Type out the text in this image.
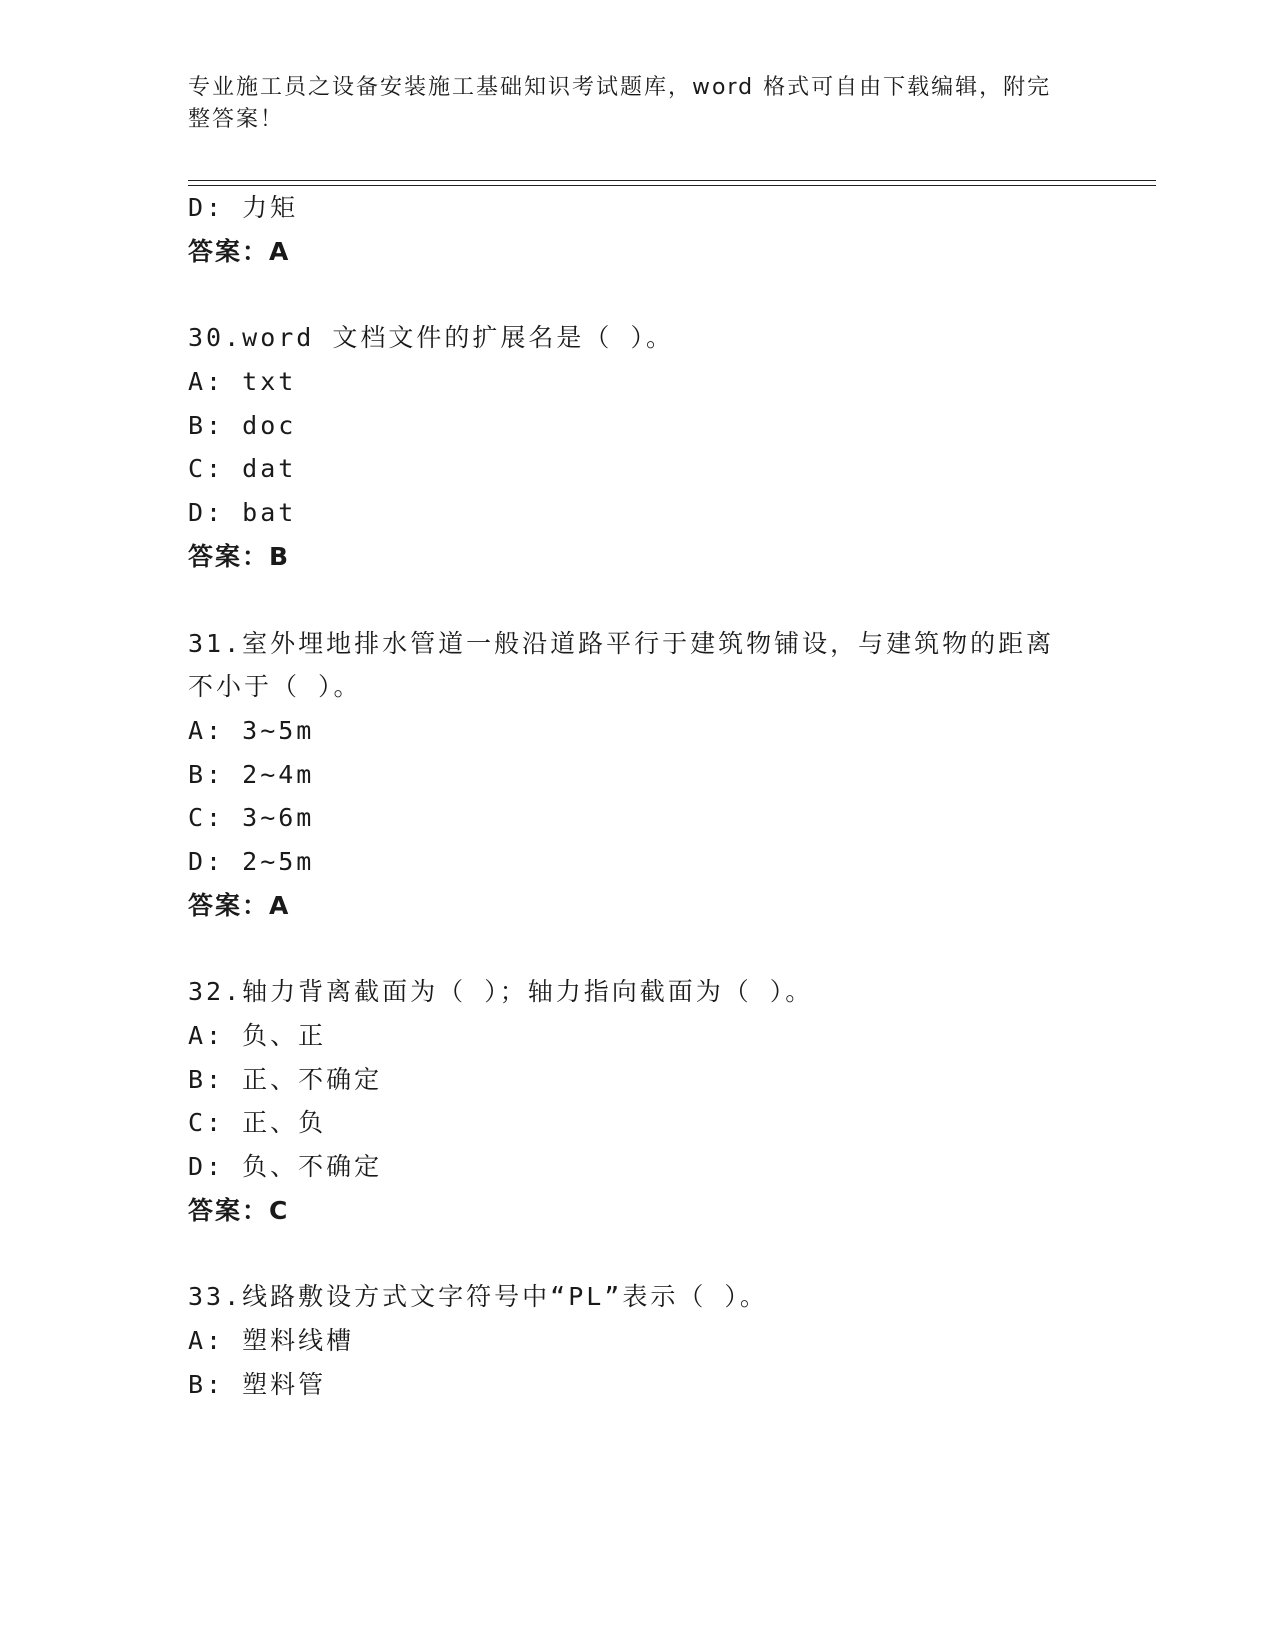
专业施工员之设备安装施工基础知识考试题库，word 格式可自由下载编辑，附完
整答案！
D: 力矩
答案：A
30.word 文档文件的扩展名是（ ）。
A: txt
B: doc
C: dat
D: bat
答案：B
31.室外埋地排水管道一般沿道路平行于建筑物铺设，与建筑物的距离
不小于（ ）。
A: 3~5m
B: 2~4m
C: 3~6m
D: 2~5m
答案：A
32.轴力背离截面为（ ）；轴力指向截面为（ ）。
A: 负、正
B: 正、不确定
C: 正、负
D: 负、不确定
答案：C
33.线路敷设方式文字符号中“PL”表示（ ）。
A: 塑料线槽
B: 塑料管
